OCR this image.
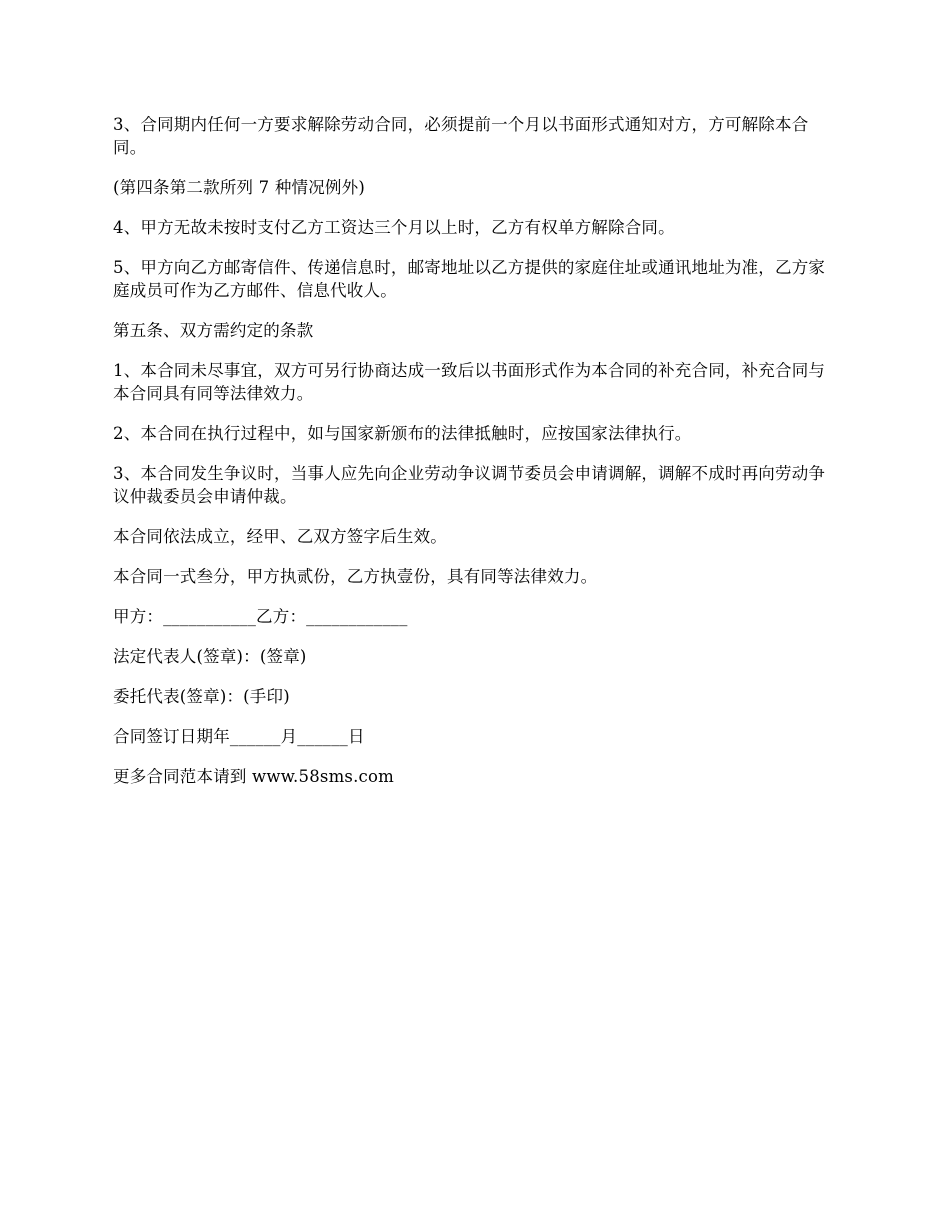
3、合同期内任何一方要求解除劳动合同，必须提前一个月以书面形式通知对方，方可解除本合同。

(第四条第二款所列 7 种情况例外)

4、甲方无故未按时支付乙方工资达三个月以上时，乙方有权单方解除合同。

5、甲方向乙方邮寄信件、传递信息时，邮寄地址以乙方提供的家庭住址或通讯地址为准，乙方家庭成员可作为乙方邮件、信息代收人。

第五条、双方需约定的条款

1、本合同未尽事宜，双方可另行协商达成一致后以书面形式作为本合同的补充合同，补充合同与本合同具有同等法律效力。

2、本合同在执行过程中，如与国家新颁布的法律抵触时，应按国家法律执行。

3、本合同发生争议时，当事人应先向企业劳动争议调节委员会申请调解，调解不成时再向劳动争议仲裁委员会申请仲裁。

本合同依法成立，经甲、乙双方签字后生效。

本合同一式叁分，甲方执贰份，乙方执壹份，具有同等法律效力。

甲方：___________乙方：____________

法定代表人(签章)：(签章)

委托代表(签章)：(手印)

合同签订日期年______月______日

更多合同范本请到 www.58sms.com
